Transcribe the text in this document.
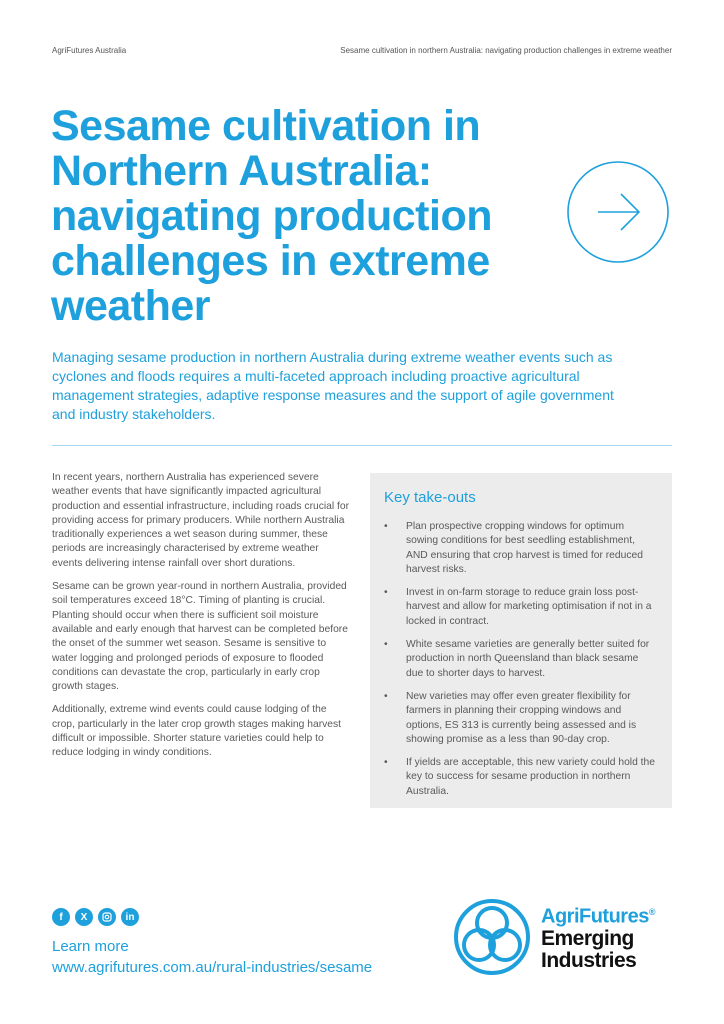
AgriFutures Australia	Sesame cultivation in northern Australia: navigating production challenges in extreme weather
Sesame cultivation in
Northern Australia:
navigating production
challenges in extreme
weather
Managing sesame production in northern Australia during extreme weather events such as cyclones and floods requires a multi-faceted approach including proactive agricultural management strategies, adaptive response measures and the support of agile government and industry stakeholders.

In recent years, northern Australia has experienced severe weather events that have significantly impacted agricultural production and essential infrastructure, including roads crucial for providing access for primary producers. While northern Australia traditionally experiences a wet season during summer, these periods are increasingly characterised by extreme weather events delivering intense rainfall over short durations.

Sesame can be grown year-round in northern Australia, provided soil temperatures exceed 18°C. Timing of planting is crucial. Planting should occur when there is sufficient soil moisture available and early enough that harvest can be completed before the onset of the summer wet season. Sesame is sensitive to water logging and prolonged periods of exposure to flooded conditions can devastate the crop, particularly in early crop growth stages.

Additionally, extreme wind events could cause lodging of the crop, particularly in the later crop growth stages making harvest difficult or impossible. Shorter stature varieties could help to reduce lodging in windy conditions.

Key take-outs
• Plan prospective cropping windows for optimum sowing conditions for best seedling establishment, AND ensuring that crop harvest is timed for reduced harvest risks.
• Invest in on-farm storage to reduce grain loss post-harvest and allow for marketing optimisation if not in a locked in contract.
• White sesame varieties are generally better suited for production in north Queensland than black sesame due to shorter days to harvest.
• New varieties may offer even greater flexibility for farmers in planning their cropping windows and options, ES 313 is currently being assessed and is showing promise as a less than 90-day crop.
• If yields are acceptable, this new variety could hold the key to success for sesame production in northern Australia.
f	X	in
Learn more
www.agrifutures.com.au/rural-industries/sesame
AgriFutures®
Emerging
Industries
